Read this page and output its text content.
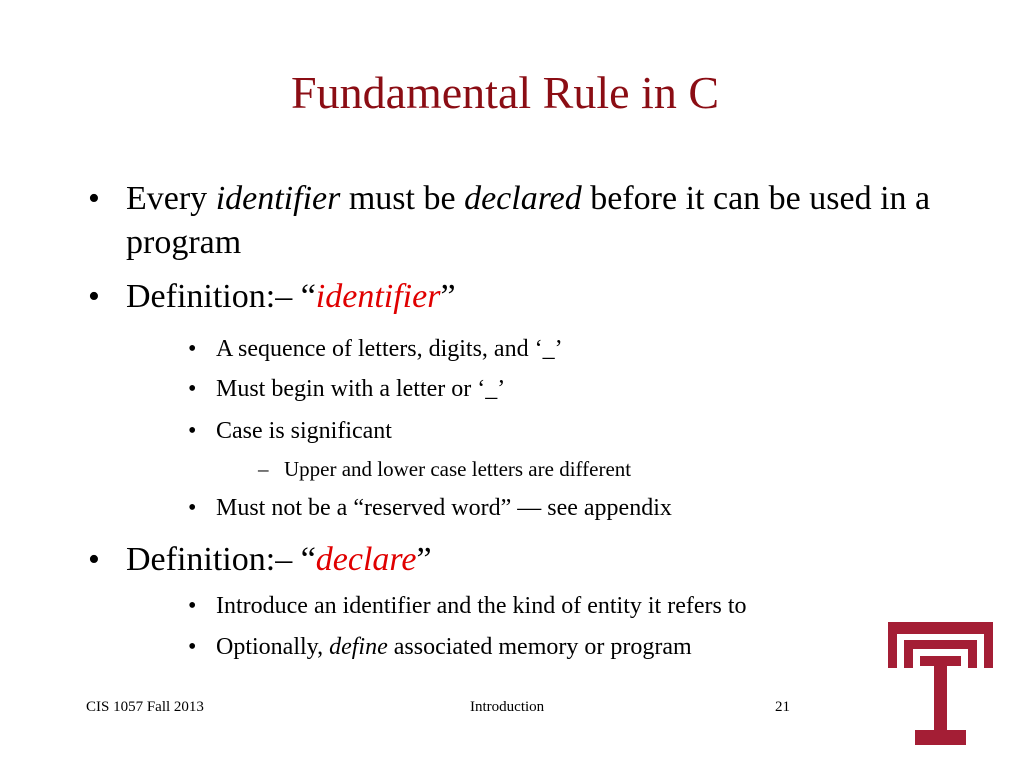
Fundamental Rule in C
• Every identifier must be declared before it can be used in a program
• Definition:– “identifier”
• A sequence of letters, digits, and ‘_’
• Must begin with a letter or ‘_’
• Case is significant
– Upper and lower case letters are different
• Must not be a “reserved word” — see appendix
• Definition:– “declare”
• Introduce an identifier and the kind of entity it refers to
• Optionally, define associated memory or program
CIS 1057 Fall 2013	Introduction	21
